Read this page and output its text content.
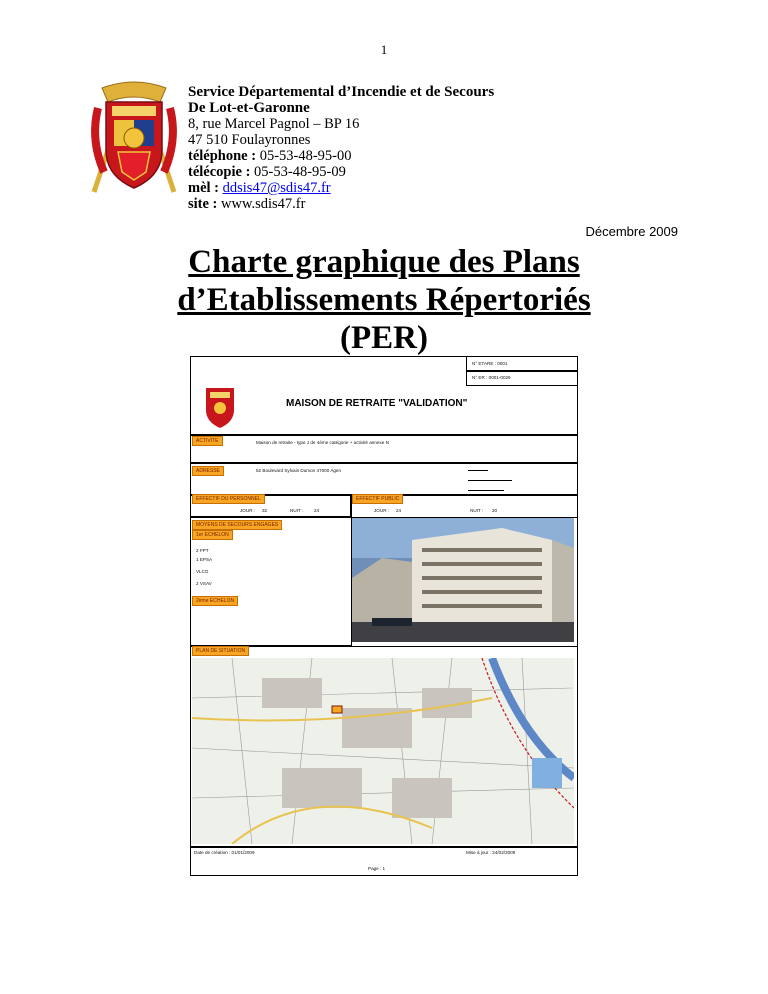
1
Service Départemental d’Incendie et de Secours
De Lot-et-Garonne
8, rue Marcel Pagnol – BP 16
47 510 Foulayronnes
téléphone : 05-53-48-95-00
télécopie : 05-53-48-95-09
mèl : ddsis47@sdis47.fr
site : www.sdis47.fr
Décembre 2009
Charte graphique des Plans
d’Etablissements Répertoriés
(PER)
N° ETARE : 0001
N° ER : 0001-0026
MAISON DE RETRAITE "VALIDATION"
ACTIVITE	Maison de retraite - type J de 4ème catégorie + activité annexe N
ADRESSE	52 Boulevard Sylvain Dumon 47000 Agen
EFFECTIF DU PERSONNEL	EFFECTIF PUBLIC
JOUR : 32	NUIT : 24	JOUR : 24	NUIT : 20
MOYENS DE SECOURS ENGAGES
1er ECHELON
2 FPT
1 EPSA
VLCG
2 VSAV
2ème ECHELON
PLAN DE SITUATION
Date de création : 01/01/2009	Mise à jour : 24/02/2009
Page : 1
